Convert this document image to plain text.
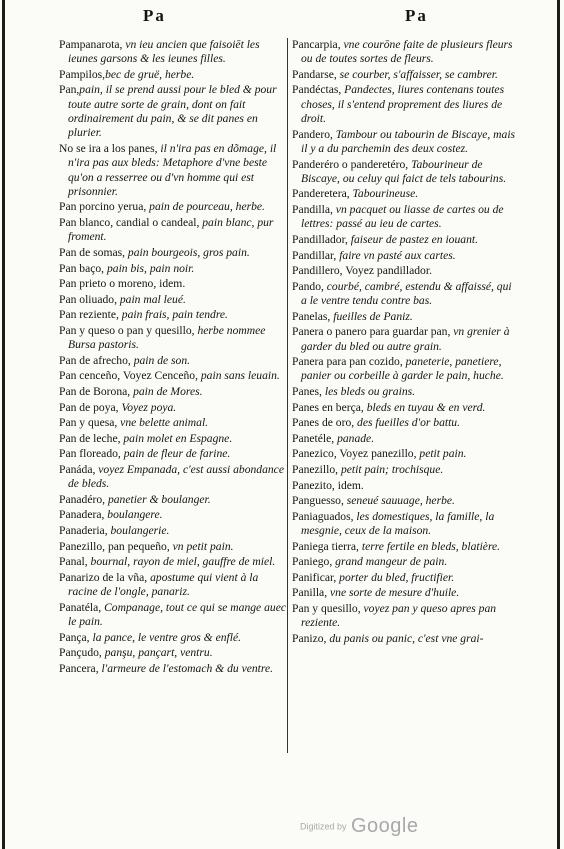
Pa	Pa

Pampanarota, vn ieu ancien que faisoiēt les ieunes garsons & les ieunes filles.

Pampilos,bec de gruë, herbe.

Pan,pain, il se prend aussi pour le bled & pour toute autre sorte de grain, dont on fait ordinairement du pain, & se dit panes en plurier.

No se ira a los panes, il n'ira pas en dõmage, il n'ira pas aux bleds: Metaphore d'vne beste qu'on a resserree ou d'vn homme qui est prisonnier.

Pan porcino yerua, pain de pourceau, herbe.

Pan blanco, candial o candeal, pain blanc, pur froment.

Pan de somas, pain bourgeois, gros pain.

Pan baço, pain bis, pain noir.

Pan prieto o moreno, idem.

Pan oliuado, pain mal leué.

Pan reziente, pain frais, pain tendre.

Pan y queso o pan y quesillo, herbe nommee Bursa pastoris.

Pan de afrecho, pain de son.

Pan cenceño, Voyez Cenceño, pain sans leuain.

Pan de Borona, pain de Mores.

Pan de poya, Voyez poya.

Pan y quesa, vne belette animal.

Pan de leche, pain molet en Espagne.

Pan floreado, pain de fleur de farine.

Panáda, voyez Empanada, c'est aussi abondance de bleds.

Panadéro, panetier & boulanger.

Panadera, boulangere.

Panaderia, boulangerie.

Panezillo, pan pequeño, vn petit pain.

Panal, bournal, rayon de miel, gauffre de miel.

Panarizo de la vña, apostume qui vient à la racine de l'ongle, panariz.

Panatéla, Companage, tout ce qui se mange auec le pain.

Pança, la pance, le ventre gros & enflé.

Pançudo, panşu, pançart, ventru.

Pancera, l'armeure de l'estomach & du ventre.

Pancarpia, vne courōne faite de plusieurs fleurs ou de toutes sortes de fleurs.

Pandarse, se courber, s'affaisser, se cambrer.

Pandéctas, Pandectes, liures contenans toutes choses, il s'entend proprement des liures de droit.

Pandero, Tambour ou tabourin de Biscaye, mais il y a du parchemin des deux costez.

Panderéro o panderetéro, Tabourineur de Biscaye, ou celuy qui faict de tels tabourins.

Panderetera, Tabourineuse.

Pandilla, vn pacquet ou liasse de cartes ou de lettres: passé au ieu de cartes.

Pandillador, faiseur de pastez en iouant.

Pandillar, faire vn pasté aux cartes.

Pandillero, Voyez pandillador.

Pando, courbé, cambré, estendu & affaissé, qui a le ventre tendu contre bas.

Panelas, fueilles de Paniz.

Panera o panero para guardar pan, vn grenier à garder du bled ou autre grain.

Panera para pan cozido, paneterie, panetiere, panier ou corbeille à garder le pain, huche.

Panes, les bleds ou grains.

Panes en berça, bleds en tuyau & en verd.

Panes de oro, des fueilles d'or battu.

Panetéle, panade.

Panezico, Voyez panezillo, petit pain.

Panezillo, petit pain; trochisque.

Panezito, idem.

Panguesso, seneué sauuage, herbe.

Paniaguados, les domestiques, la famille, la mesgnie, ceux de la maison.

Paniega tierra, terre fertile en bleds, blatière.

Paniego, grand mangeur de pain.

Panificar, porter du bled, fructifier.

Panilla, vne sorte de mesure d'huile.

Pan y quesillo, voyez pan y queso apres pan reziente.

Panizo, du panis ou panic, c'est vne grai-

Digitized by Google
